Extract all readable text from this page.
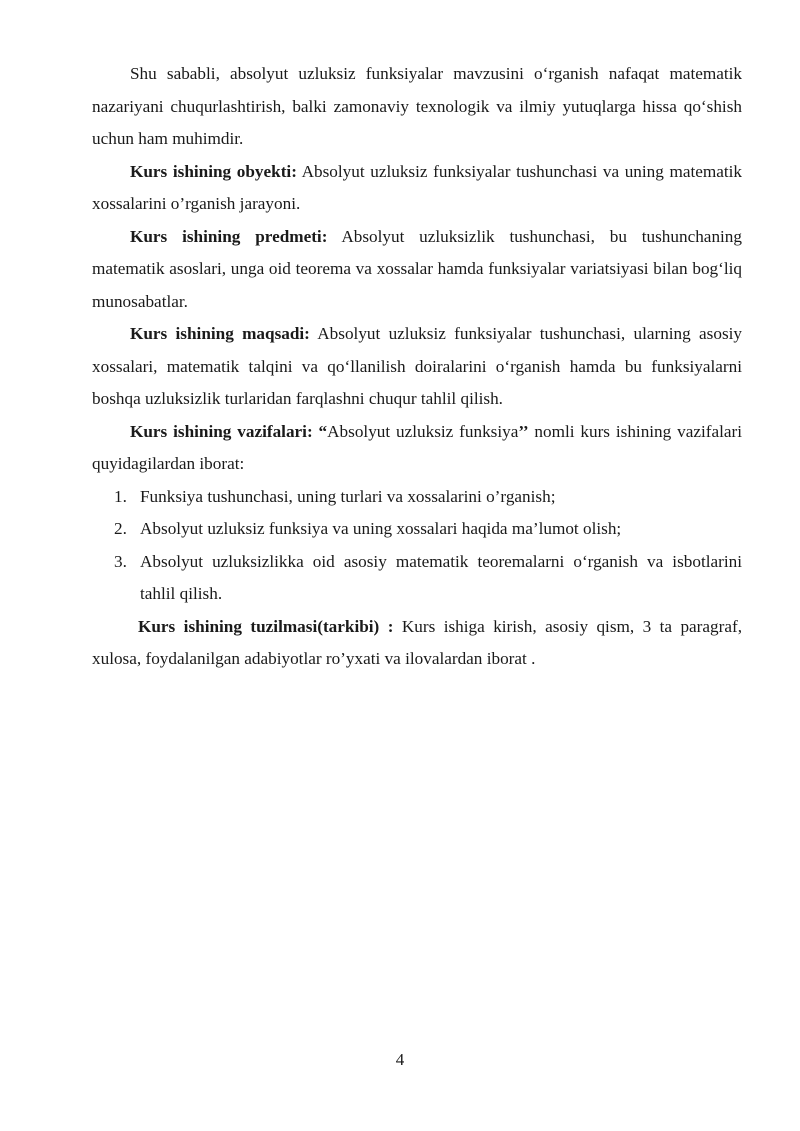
Shu sababli, absolyut uzluksiz funksiyalar mavzusini o‘rganish nafaqat matematik nazariyani chuqurlashtirish, balki zamonaviy texnologik va ilmiy yutuqlarga hissa qo‘shish uchun ham muhimdir.

Kurs ishining obyekti: Absolyut uzluksiz funksiyalar tushunchasi va uning matematik xossalarini o’rganish jarayoni.

Kurs ishining predmeti: Absolyut uzluksizlik tushunchasi, bu tushunchaning matematik asoslari, unga oid teorema va xossalar hamda funksiyalar variatsiyasi bilan bog‘liq munosabatlar.

Kurs ishining maqsadi: Absolyut uzluksiz funksiyalar tushunchasi, ularning asosiy xossalari, matematik talqini va qo‘llanilish doiralarini o‘rganish hamda bu funksiyalarni boshqa uzluksizlik turlaridan farqlashni chuqur tahlil qilish.

Kurs ishining vazifalari: “Absolyut uzluksiz funksiya’’ nomli kurs ishining vazifalari quyidagilardan iborat:

1. Funksiya tushunchasi, uning turlari va xossalarini o’rganish;
2. Absolyut uzluksiz funksiya va uning xossalari haqida ma’lumot olish;
3. Absolyut uzluksizlikka oid asosiy matematik teoremalarni o‘rganish va isbotlarini tahlil qilish.

Kurs ishining tuzilmasi(tarkibi) : Kurs ishiga kirish, asosiy qism, 3 ta paragraf, xulosa, foydalanilgan adabiyotlar ro’yxati va ilovalardan iborat .

4
